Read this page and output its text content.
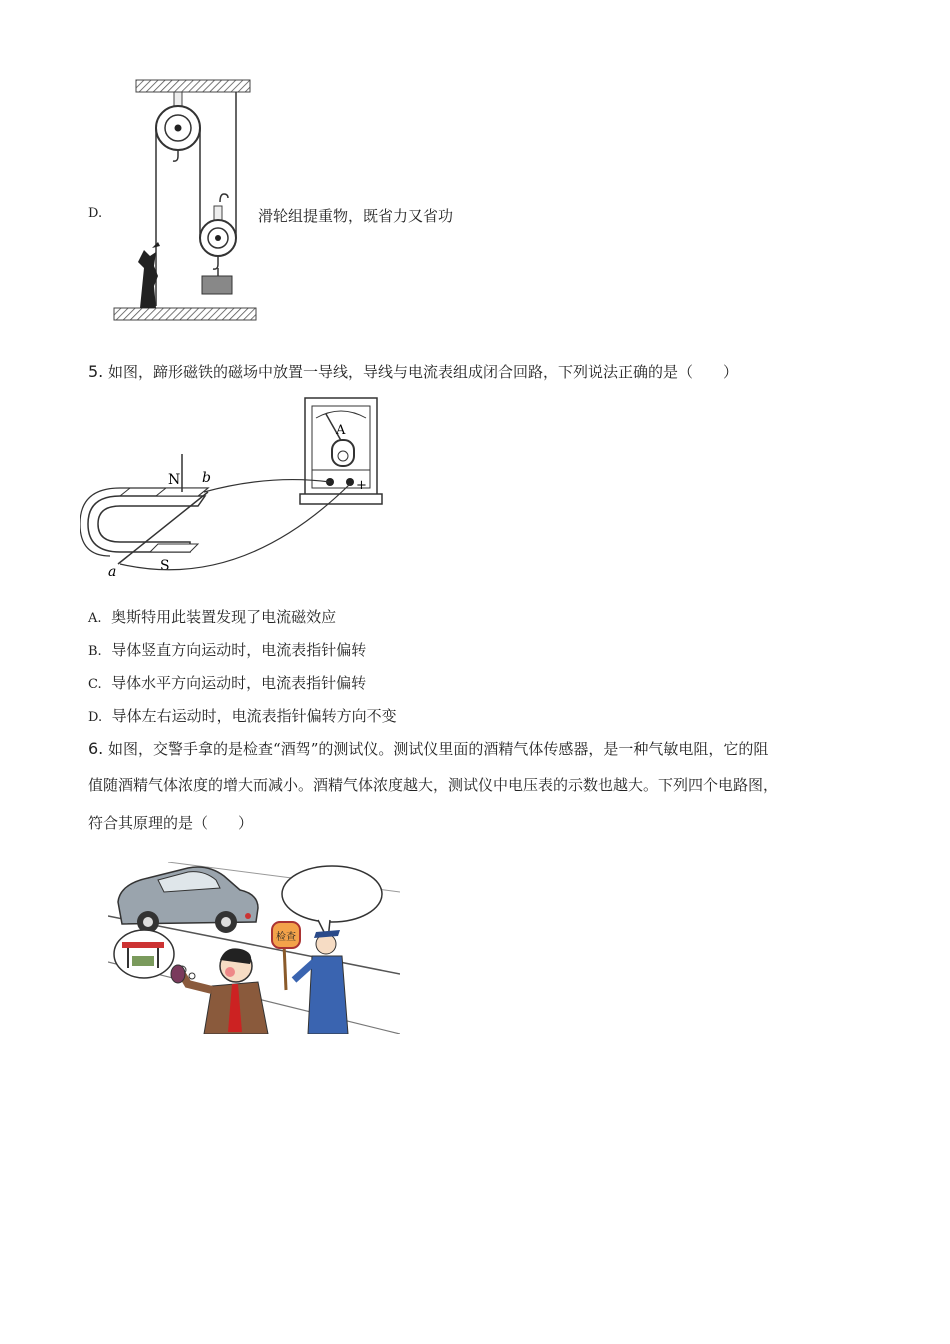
D.	滑轮组提重物，既省力又省功
5. 如图，蹄形磁铁的磁场中放置一导线，导线与电流表组成闭合回路，下列说法正确的是（　　）
A
+
N
S
b
a
A. 奥斯特用此装置发现了电流磁效应
B. 导体竖直方向运动时，电流表指针偏转
C. 导体水平方向运动时，电流表指针偏转
D. 导体左右运动时，电流表指针偏转方向不变
6. 如图，交警手拿的是检查“酒驾”的测试仪。测试仪里面的酒精气体传感器，是一种气敏电阻，它的阻
值随酒精气体浓度的增大而减小。酒精气体浓度越大，测试仪中电压表的示数也越大。下列四个电路图，
符合其原理的是（　　）
检查
